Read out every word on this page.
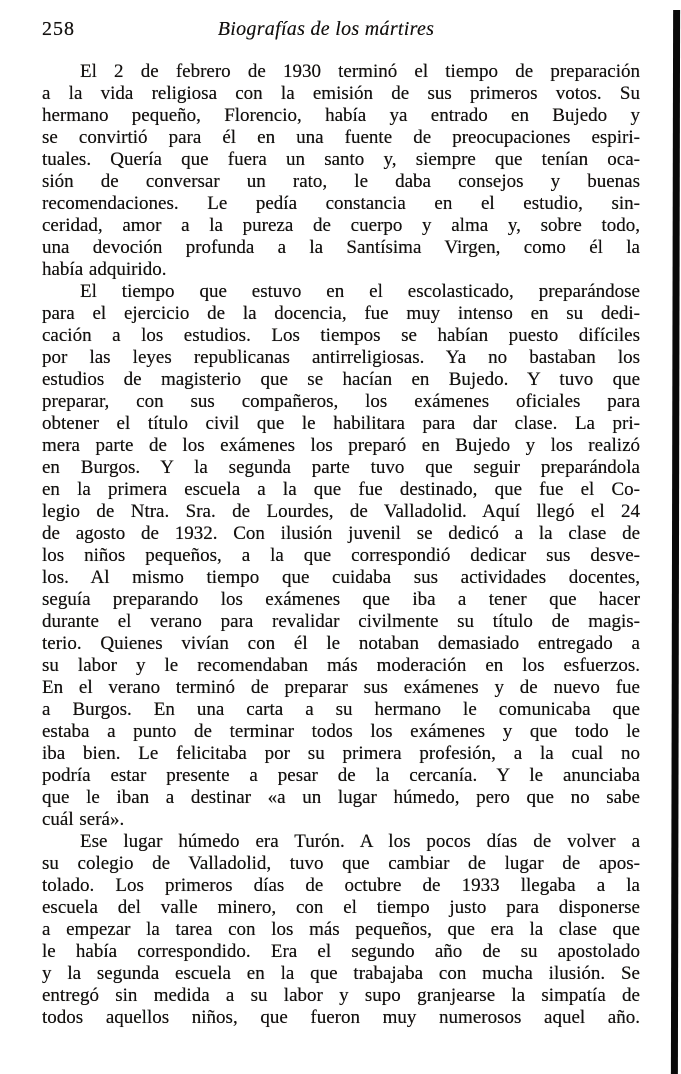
258	Biografías de los mártires
El 2 de febrero de 1930 terminó el tiempo de preparación
a la vida religiosa con la emisión de sus primeros votos. Su
hermano pequeño, Florencio, había ya entrado en Bujedo y
se convirtió para él en una fuente de preocupaciones espiri-
tuales. Quería que fuera un santo y, siempre que tenían oca-
sión de conversar un rato, le daba consejos y buenas
recomendaciones. Le pedía constancia en el estudio, sin-
ceridad, amor a la pureza de cuerpo y alma y, sobre todo,
una devoción profunda a la Santísima Virgen, como él la
había adquirido.
El tiempo que estuvo en el escolasticado, preparándose
para el ejercicio de la docencia, fue muy intenso en su dedi-
cación a los estudios. Los tiempos se habían puesto difíciles
por las leyes republicanas antirreligiosas. Ya no bastaban los
estudios de magisterio que se hacían en Bujedo. Y tuvo que
preparar, con sus compañeros, los exámenes oficiales para
obtener el título civil que le habilitara para dar clase. La pri-
mera parte de los exámenes los preparó en Bujedo y los realizó
en Burgos. Y la segunda parte tuvo que seguir preparándola
en la primera escuela a la que fue destinado, que fue el Co-
legio de Ntra. Sra. de Lourdes, de Valladolid. Aquí llegó el 24
de agosto de 1932. Con ilusión juvenil se dedicó a la clase de
los niños pequeños, a la que correspondió dedicar sus desve-
los. Al mismo tiempo que cuidaba sus actividades docentes,
seguía preparando los exámenes que iba a tener que hacer
durante el verano para revalidar civilmente su título de magis-
terio. Quienes vivían con él le notaban demasiado entregado a
su labor y le recomendaban más moderación en los esfuerzos.
En el verano terminó de preparar sus exámenes y de nuevo fue
a Burgos. En una carta a su hermano le comunicaba que
estaba a punto de terminar todos los exámenes y que todo le
iba bien. Le felicitaba por su primera profesión, a la cual no
podría estar presente a pesar de la cercanía. Y le anunciaba
que le iban a destinar «a un lugar húmedo, pero que no sabe
cuál será».
Ese lugar húmedo era Turón. A los pocos días de volver a
su colegio de Valladolid, tuvo que cambiar de lugar de apos-
tolado. Los primeros días de octubre de 1933 llegaba a la
escuela del valle minero, con el tiempo justo para disponerse
a empezar la tarea con los más pequeños, que era la clase que
le había correspondido. Era el segundo año de su apostolado
y la segunda escuela en la que trabajaba con mucha ilusión. Se
entregó sin medida a su labor y supo granjearse la simpatía de
todos aquellos niños, que fueron muy numerosos aquel año.
